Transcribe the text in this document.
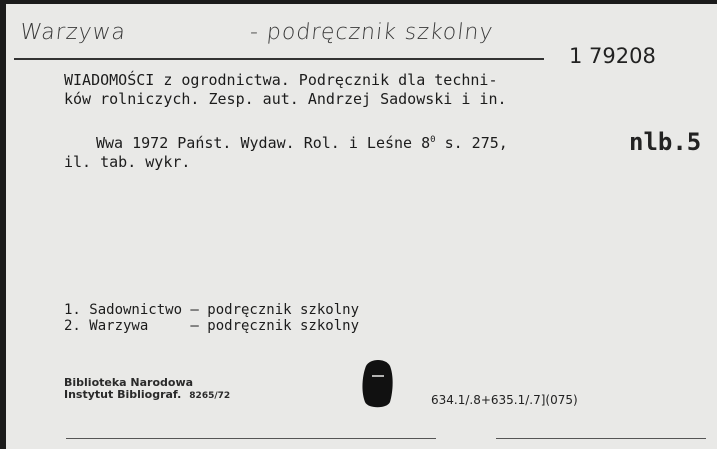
Warzywa	- podręcznik szkolny
1 79208
WIADOMOŚCI z ogrodnictwa. Podręcznik dla techni-
ków rolniczych. Zesp. aut. Andrzej Sadowski i in.
Wwa 1972 Państ. Wydaw. Rol. i Leśne $8^0$ s. 275,
il. tab. wykr.
nlb.5
1. Sadownictwo — podręcznik szkolny
2. Warzywa     — podręcznik szkolny
Biblioteka Narodowa
Instytut Bibliograf. 8265/72	634.1/.8+635.1/.7](075)
